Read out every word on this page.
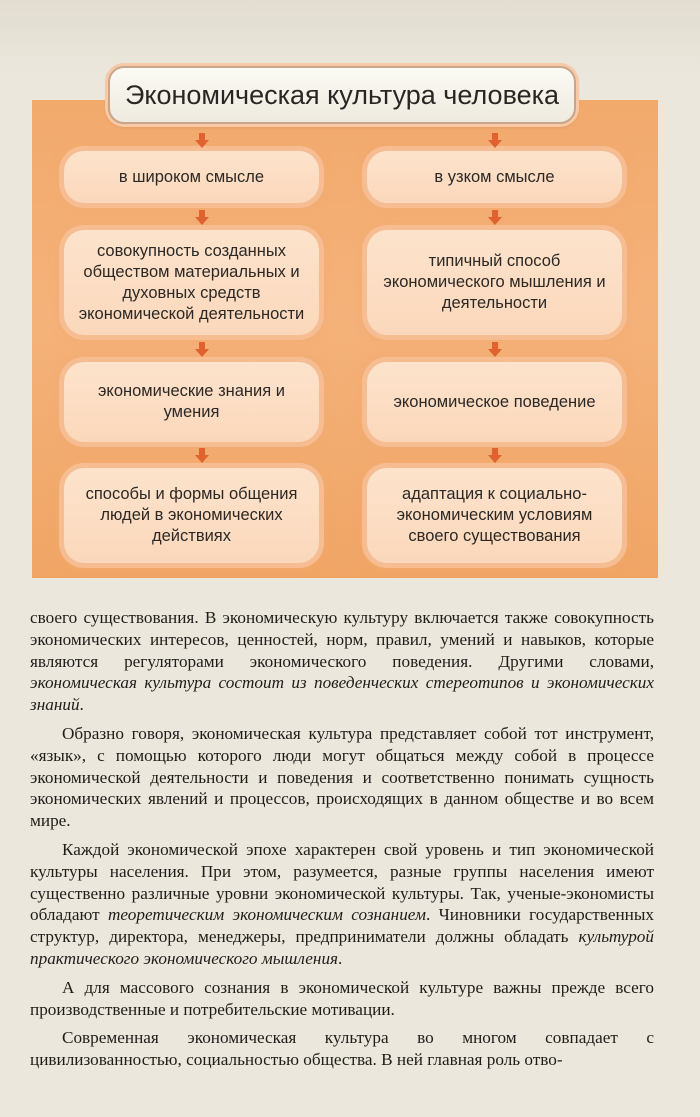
Экономическая культура человека
в широком смысле	в узком смысле
совокупность созданных обществом материальных и духовных средств экономической деятельности
типичный способ экономического мышления и деятельности
экономические знания и умения
экономическое поведение
способы и формы общения людей в экономических действиях
адаптация к социально-экономическим условиям своего существования

своего существования. В экономическую культуру включается также совокупность экономических интересов, ценностей, норм, правил, умений и навыков, которые являются регуляторами экономического поведения. Другими словами, экономическая культура состоит из поведенческих стереотипов и экономических знаний.

Образно говоря, экономическая культура представляет собой тот инструмент, «язык», с помощью которого люди могут общаться между собой в процессе экономической деятельности и поведения и соответственно понимать сущность экономических явлений и процессов, происходящих в данном обществе и во всем мире.

Каждой экономической эпохе характерен свой уровень и тип экономической культуры населения. При этом, разумеется, разные группы населения имеют существенно различные уровни экономической культуры. Так, ученые-экономисты обладают теоретическим экономическим сознанием. Чиновники государственных структур, директора, менеджеры, предприниматели должны обладать культурой практического экономического мышления.

А для массового сознания в экономической культуре важны прежде всего производственные и потребительские мотивации.

Современная экономическая культура во многом совпадает с цивилизованностью, социальностью общества. В ней главная роль отво-
